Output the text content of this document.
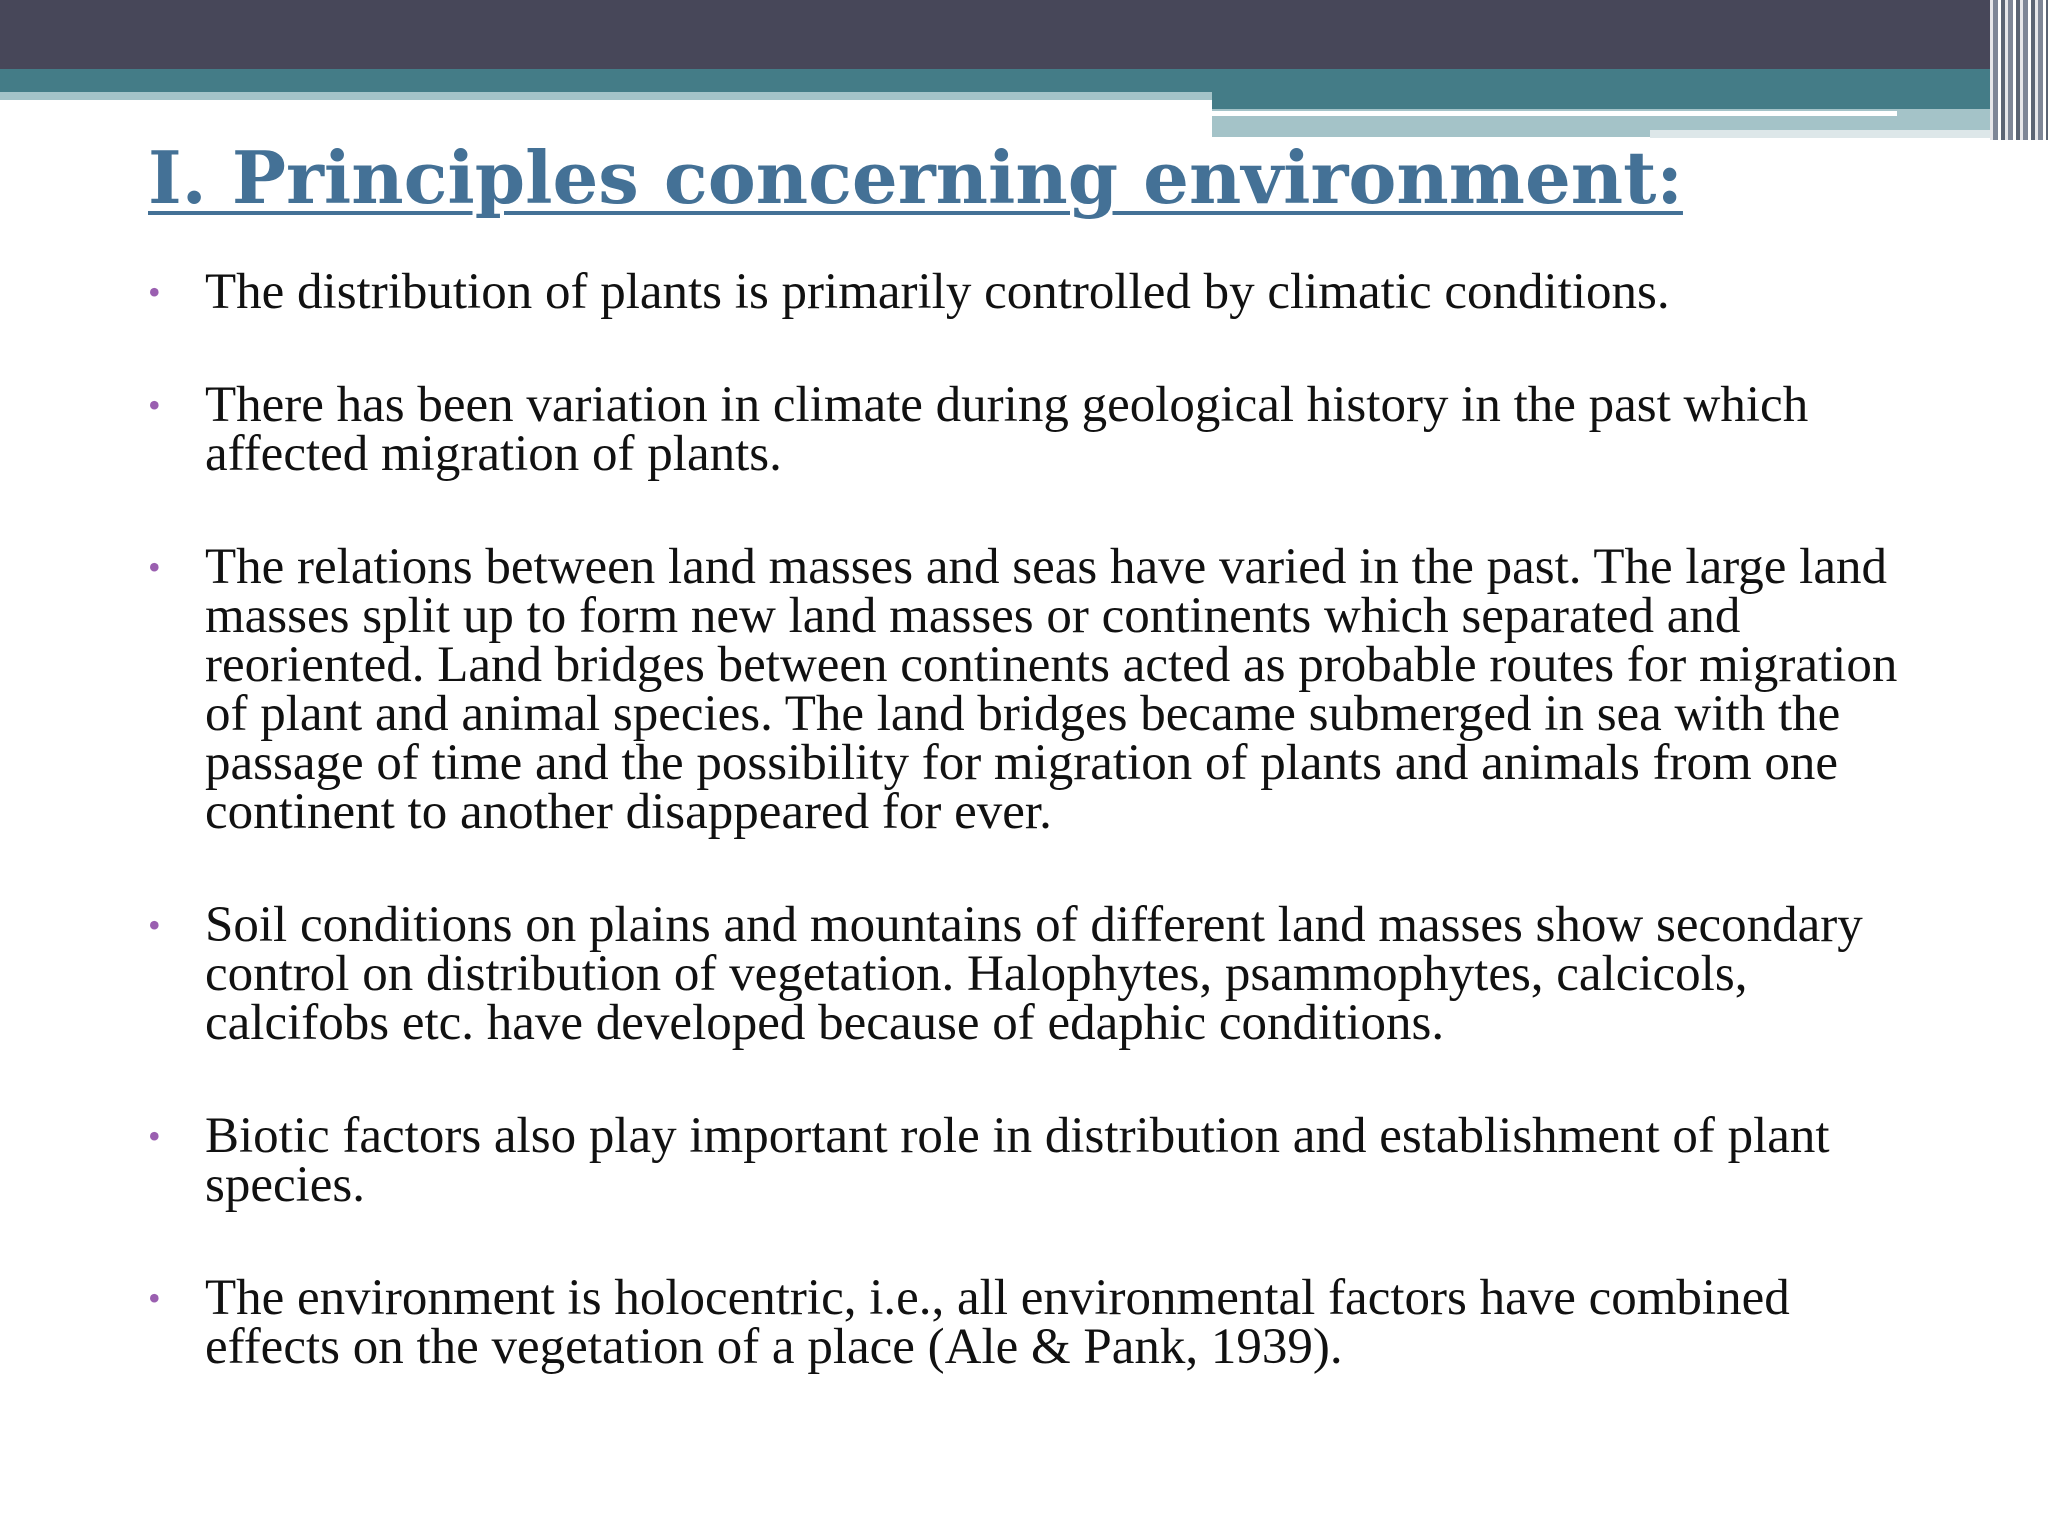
I. Principles concerning environment:
• The distribution of plants is primarily controlled by climatic conditions.
• There has been variation in climate during geological history in the past which affected migration of plants.
• The relations between land masses and seas have varied in the past. The large land masses split up to form new land masses or continents which separated and reoriented. Land bridges between continents acted as probable routes for migration of plant and animal species. The land bridges became submerged in sea with the passage of time and the possibility for migration of plants and animals from one continent to another disappeared for ever.
• Soil conditions on plains and mountains of different land masses show secondary control on distribution of vegetation. Halophytes, psammophytes, calcicols, calcifobs etc. have developed because of edaphic conditions.
• Biotic factors also play important role in distribution and establishment of plant species.
• The environment is holocentric, i.e., all environmental factors have combined effects on the vegetation of a place (Ale & Pank, 1939).
